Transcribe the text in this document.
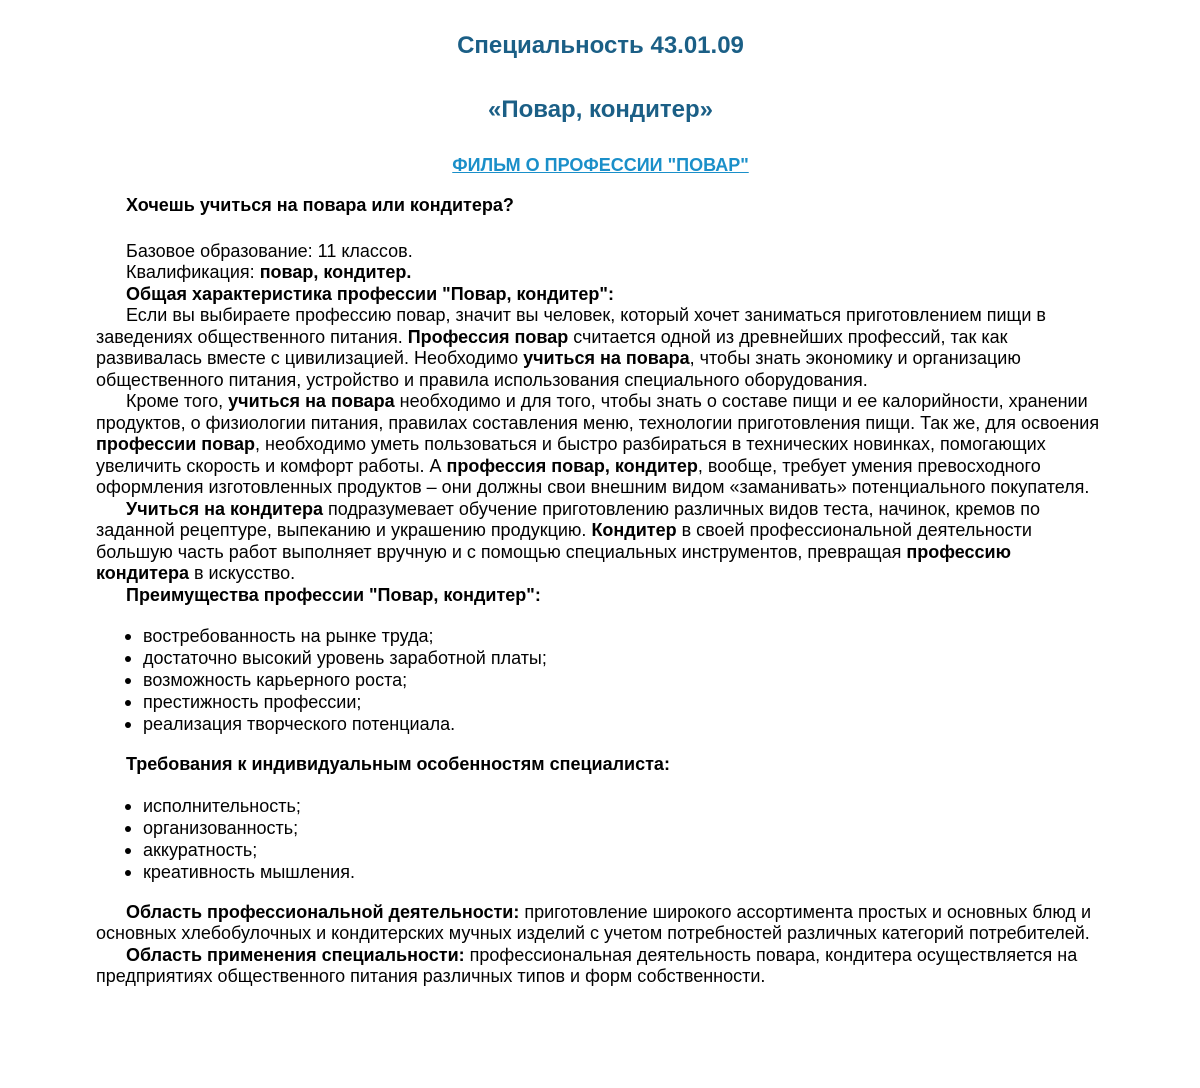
Специальность 43.01.09
«Повар, кондитер»
ФИЛЬМ О ПРОФЕССИИ "ПОВАР"

Хочешь учиться на повара или кондитера?

Базовое образование: 11 классов.

Квалификация: повар, кондитер.

Общая характеристика профессии "Повар, кондитер":

Если вы выбираете профессию повар, значит вы человек, который хочет заниматься приготовлением пищи в заведениях общественного питания. Профессия повар считается одной из древнейших профессий, так как развивалась вместе с цивилизацией. Необходимо учиться на повара, чтобы знать экономику и организацию общественного питания, устройство и правила использования специального оборудования.

Кроме того, учиться на повара необходимо и для того, чтобы знать о составе пищи и ее калорийности, хранении продуктов, о физиологии питания, правилах составления меню, технологии приготовления пищи. Так же, для освоения профессии повар, необходимо уметь пользоваться и быстро разбираться в технических новинках, помогающих увеличить скорость и комфорт работы. А профессия повар, кондитер, вообще, требует умения превосходного оформления изготовленных продуктов – они должны свои внешним видом «заманивать» потенциального покупателя.

Учиться на кондитера подразумевает обучение приготовлению различных видов теста, начинок, кремов по заданной рецептуре, выпеканию и украшению продукцию. Кондитер в своей профессиональной деятельности большую часть работ выполняет вручную и с помощью специальных инструментов, превращая профессию кондитера в искусство.

Преимущества профессии "Повар, кондитер":

востребованность на рынке труда;
достаточно высокий уровень заработной платы;
возможность карьерного роста;
престижность профессии;
реализация творческого потенциала.

Требования к индивидуальным особенностям специалиста:

исполнительность;
организованность;
аккуратность;
креативность мышления.

Область профессиональной деятельности: приготовление широкого ассортимента простых и основных блюд и основных хлебобулочных и кондитерских мучных изделий с учетом потребностей различных категорий потребителей.

Область применения специальности: профессиональная деятельность повара, кондитера осуществляется на предприятиях общественного питания различных типов и форм собственности.
